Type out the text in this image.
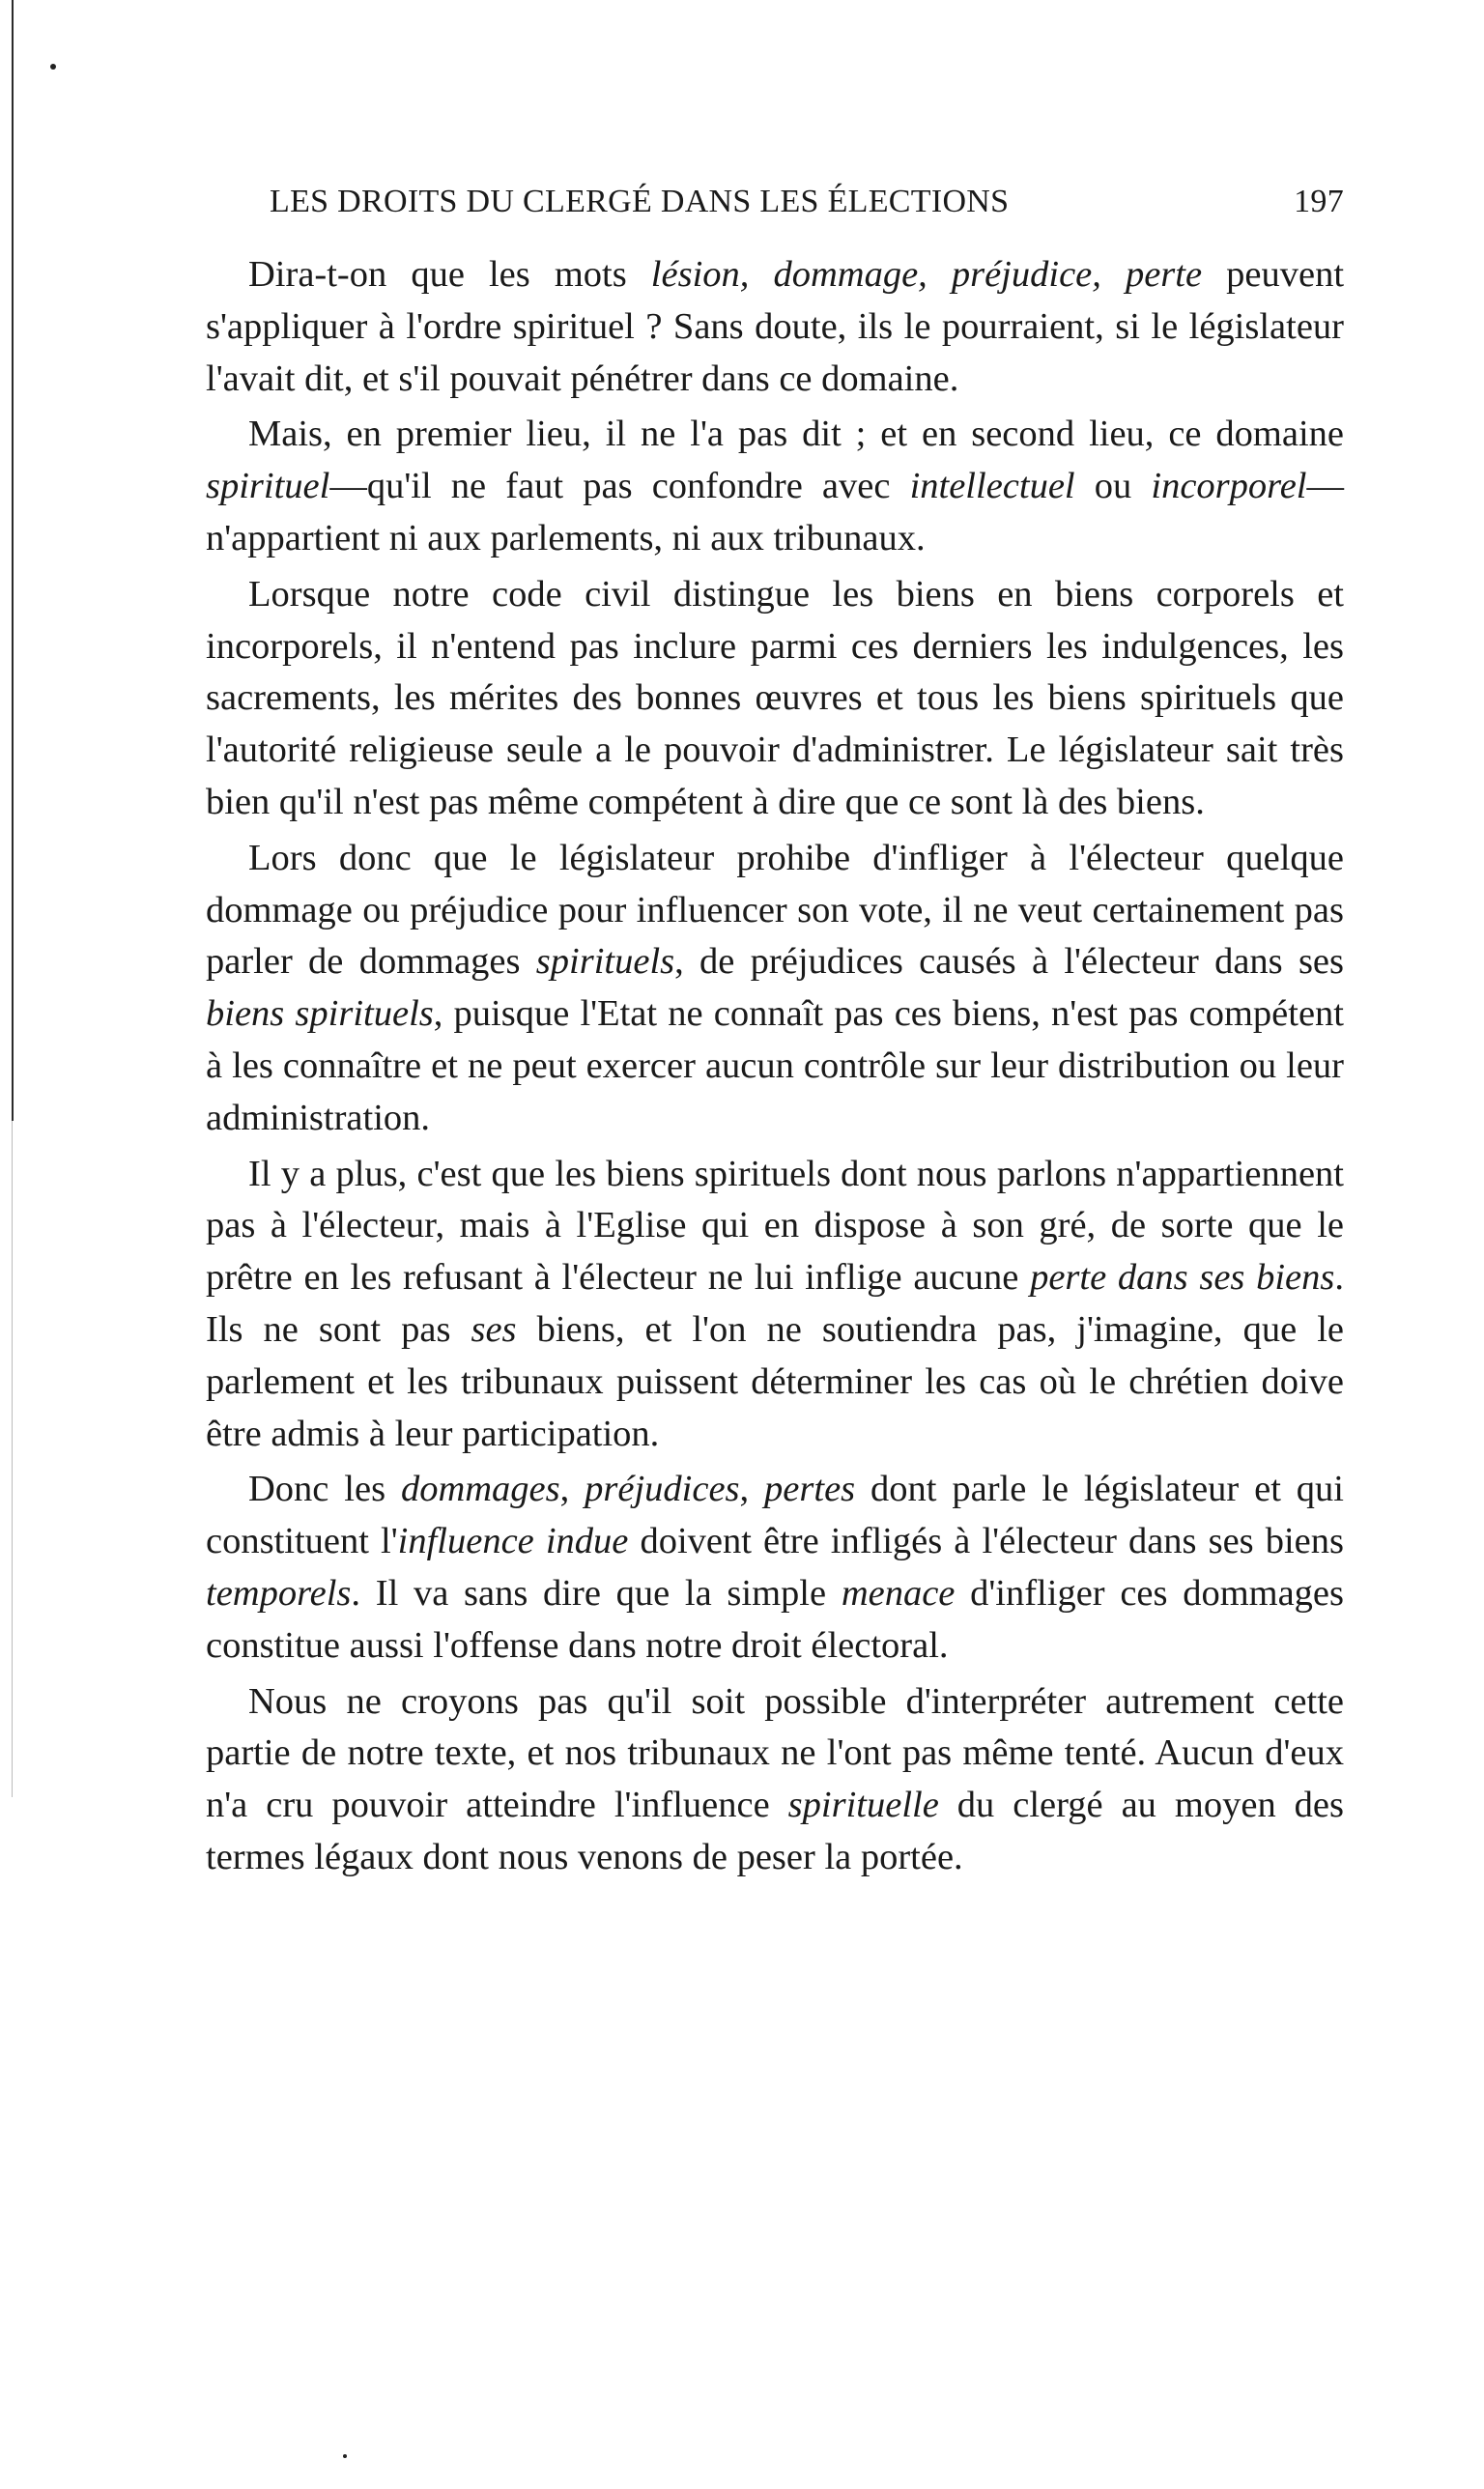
LES DROITS DU CLERGÉ DANS LES ÉLECTIONS	197

Dira-t-on que les mots lésion, dommage, préjudice, perte peuvent s'appliquer à l'ordre spirituel ? Sans doute, ils le pourraient, si le législateur l'avait dit, et s'il pouvait pénétrer dans ce domaine.

Mais, en premier lieu, il ne l'a pas dit ; et en second lieu, ce domaine spirituel—qu'il ne faut pas confondre avec intellectuel ou incorporel—n'appartient ni aux parlements, ni aux tribunaux.

Lorsque notre code civil distingue les biens en biens corporels et incorporels, il n'entend pas inclure parmi ces derniers les indulgences, les sacrements, les mérites des bonnes œuvres et tous les biens spirituels que l'autorité religieuse seule a le pouvoir d'administrer. Le législateur sait très bien qu'il n'est pas même compétent à dire que ce sont là des biens.

Lors donc que le législateur prohibe d'infliger à l'électeur quelque dommage ou préjudice pour influencer son vote, il ne veut certainement pas parler de dommages spirituels, de préjudices causés à l'électeur dans ses biens spirituels, puisque l'Etat ne connaît pas ces biens, n'est pas compétent à les connaître et ne peut exercer aucun contrôle sur leur distribution ou leur administration.

Il y a plus, c'est que les biens spirituels dont nous parlons n'appartiennent pas à l'électeur, mais à l'Eglise qui en dispose à son gré, de sorte que le prêtre en les refusant à l'électeur ne lui inflige aucune perte dans ses biens. Ils ne sont pas ses biens, et l'on ne soutiendra pas, j'imagine, que le parlement et les tribunaux puissent déterminer les cas où le chrétien doive être admis à leur participation.

Donc les dommages, préjudices, pertes dont parle le législateur et qui constituent l'influence indue doivent être infligés à l'électeur dans ses biens temporels. Il va sans dire que la simple menace d'infliger ces dommages constitue aussi l'offense dans notre droit électoral.

Nous ne croyons pas qu'il soit possible d'interpréter autrement cette partie de notre texte, et nos tribunaux ne l'ont pas même tenté. Aucun d'eux n'a cru pouvoir atteindre l'influence spirituelle du clergé au moyen des termes légaux dont nous venons de peser la portée.
